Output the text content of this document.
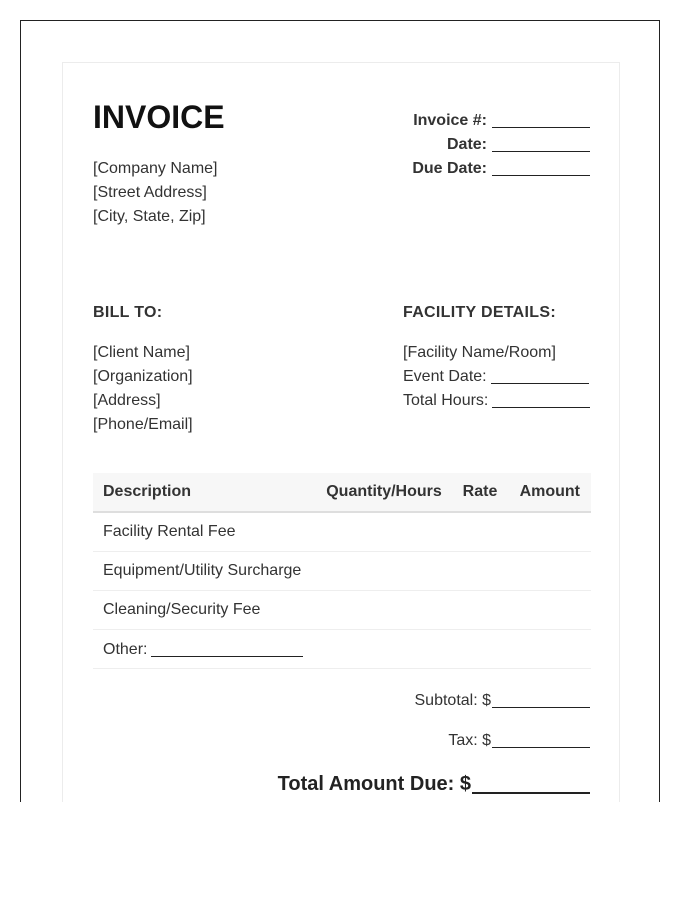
INVOICE
[Company Name]
[Street Address]
[City, State, Zip]
Invoice #:
Date:
Due Date:
BILL TO:	FACILITY DETAILS:
[Client Name]
[Organization]
[Address]
[Phone/Email]
[Facility Name/Room]
Event Date:
Total Hours:
Description	Quantity/Hours	Rate	Amount
Facility Rental Fee			
Equipment/Utility Surcharge			
Cleaning/Security Fee			
Other:			
Subtotal: $
Tax: $
Total Amount Due: $
